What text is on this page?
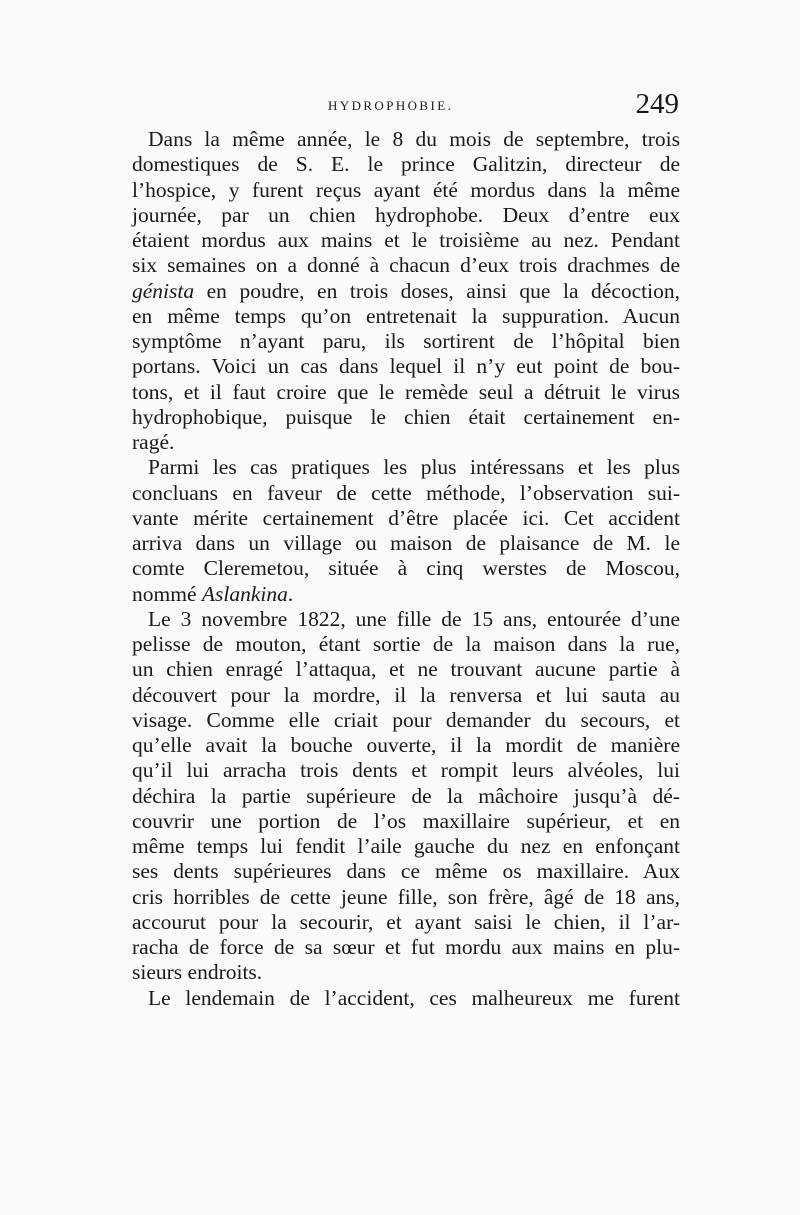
HYDROPHOBIE.	249
Dans la même année, le 8 du mois de septembre, trois
domestiques de S. E. le prince Galitzin, directeur de
l’hospice, y furent reçus ayant été mordus dans la même
journée, par un chien hydrophobe. Deux d’entre eux
étaient mordus aux mains et le troisième au nez. Pendant
six semaines on a donné à chacun d’eux trois drachmes de
génista en poudre, en trois doses, ainsi que la décoction,
en même temps qu’on entretenait la suppuration. Aucun
symptôme n’ayant paru, ils sortirent de l’hôpital bien
portans. Voici un cas dans lequel il n’y eut point de bou-
tons, et il faut croire que le remède seul a détruit le virus
hydrophobique, puisque le chien était certainement en-
ragé.
Parmi les cas pratiques les plus intéressans et les plus
concluans en faveur de cette méthode, l’observation sui-
vante mérite certainement d’être placée ici. Cet accident
arriva dans un village ou maison de plaisance de M. le
comte Cleremetou, située à cinq werstes de Moscou,
nommé Aslankina.
Le 3 novembre 1822, une fille de 15 ans, entourée d’une
pelisse de mouton, étant sortie de la maison dans la rue,
un chien enragé l’attaqua, et ne trouvant aucune partie à
découvert pour la mordre, il la renversa et lui sauta au
visage. Comme elle criait pour demander du secours, et
qu’elle avait la bouche ouverte, il la mordit de manière
qu’il lui arracha trois dents et rompit leurs alvéoles, lui
déchira la partie supérieure de la mâchoire jusqu’à dé-
couvrir une portion de l’os maxillaire supérieur, et en
même temps lui fendit l’aile gauche du nez en enfonçant
ses dents supérieures dans ce même os maxillaire. Aux
cris horribles de cette jeune fille, son frère, âgé de 18 ans,
accourut pour la secourir, et ayant saisi le chien, il l’ar-
racha de force de sa sœur et fut mordu aux mains en plu-
sieurs endroits.
Le lendemain de l’accident, ces malheureux me furent
